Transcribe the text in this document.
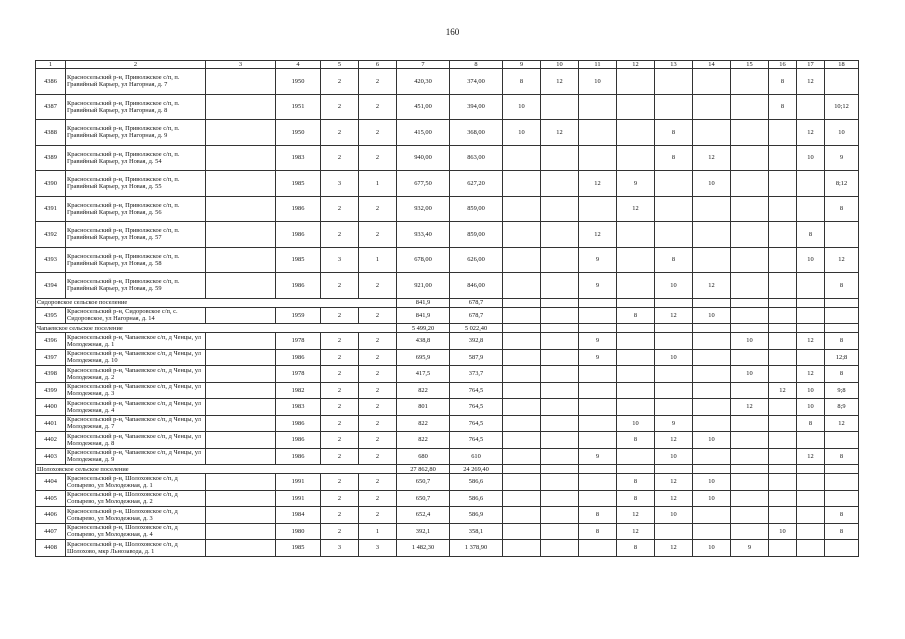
160
1	2	3	4	5	6	7	8	9	10	11	12	13	14	15	16	17	18
4386	Красносельский р-н, Приволжское с/п, п. Гравийный Карьер, ул Нагорная, д. 7		1950	2	2	420,30	374,00	8	12	10					8	12	
4387	Красносельский р-н, Приволжское с/п, п. Гравийный Карьер, ул Нагорная, д. 8		1951	2	2	451,00	394,00	10							8		10;12
4388	Красносельский р-н, Приволжское с/п, п. Гравийный Карьер, ул Нагорная, д. 9		1950	2	2	415,00	368,00	10	12			8				12	10
4389	Красносельский р-н, Приволжское с/п, п. Гравийный Карьер, ул Новая, д. 54		1983	2	2	940,00	863,00					8	12			10	9
4390	Красносельский р-н, Приволжское с/п, п. Гравийный Карьер, ул Новая, д. 55		1985	3	1	677,50	627,20			12	9		10				8;12
4391	Красносельский р-н, Приволжское с/п, п. Гравийный Карьер, ул Новая, д. 56		1986	2	2	932,00	859,00				12						8
4392	Красносельский р-н, Приволжское с/п, п. Гравийный Карьер, ул Новая, д. 57		1986	2	2	933,40	859,00			12						8	
4393	Красносельский р-н, Приволжское с/п, п. Гравийный Карьер, ул Новая, д. 58		1985	3	1	678,00	626,00			9		8				10	12
4394	Красносельский р-н, Приволжское с/п, п. Гравийный Карьер, ул Новая, д. 59		1986	2	2	921,00	846,00			9		10	12				8
Сидоровское сельское поселение						841,9	678,7										
4395	Красносельский р-н, Сидоровское с/п, с. Сидоровское, ул Нагорная, д. 14		1959	2	2	841,9	678,7				8	12	10				
Чапаевское сельское поселение						5 499,20	5 022,40										
4396	Красносельский р-н, Чапаевское с/п, д Ченцы, ул Молодежная, д. 1		1978	2	2	438,8	392,8			9				10		12	8
4397	Красносельский р-н, Чапаевское с/п, д Ченцы, ул Молодежная, д. 10		1986	2	2	695,9	587,9			9		10					12;8
4398	Красносельский р-н, Чапаевское с/п, д Ченцы, ул Молодежная, д. 2		1978	2	2	417,5	373,7							10		12	8
4399	Красносельский р-н, Чапаевское с/п, д Ченцы, ул Молодежная, д. 3		1982	2	2	822	764,5								12	10	9;8
4400	Красносельский р-н, Чапаевское с/п, д Ченцы, ул Молодежная, д. 4		1983	2	2	801	764,5							12		10	8;9
4401	Красносельский р-н, Чапаевское с/п, д Ченцы, ул Молодежная, д. 7		1986	2	2	822	764,5				10	9				8	12
4402	Красносельский р-н, Чапаевское с/п, д Ченцы, ул Молодежная, д. 8		1986	2	2	822	764,5				8	12	10				
4403	Красносельский р-н, Чапаевское с/п, д Ченцы, ул Молодежная, д. 9		1986	2	2	680	610			9		10				12	8
Шолоховское сельское поселение						27 862,80	24 269,40										
4404	Красносельский р-н, Шолоховское с/п, д Сопырево, ул Молодежная, д. 1		1991	2	2	650,7	586,6				8	12	10				
4405	Красносельский р-н, Шолоховское с/п, д Сопырево, ул Молодежная, д. 2		1991	2	2	650,7	586,6				8	12	10				
4406	Красносельский р-н, Шолоховское с/п, д Сопырево, ул Молодежная, д. 3		1984	2	2	652,4	586,9			8	12	10					8
4407	Красносельский р-н, Шолоховское с/п, д Сопырево, ул Молодежная, д. 4		1980	2	1	392,1	358,1			8	12				10		8
4408	Красносельский р-н, Шолоховское с/п, д Шолохово, мкр Льнозавода, д. 1		1985	3	3	1 482,30	1 378,90				8	12	10	9			
